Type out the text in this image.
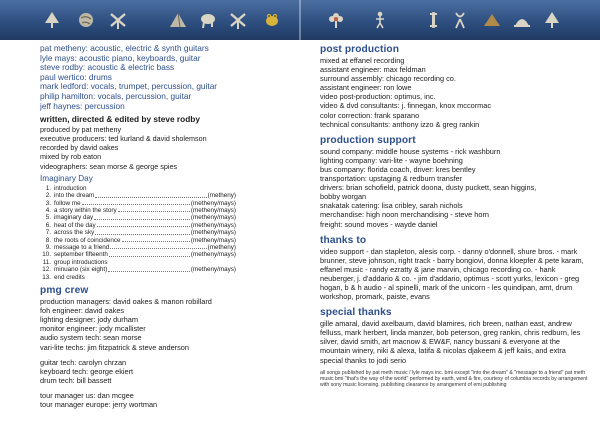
pat metheny: acoustic, electric & synth guitars
lyle mays: acoustic piano, keyboards, guitar
steve rodby: acoustic & electric bass
paul wertico: drums
mark ledford: vocals, trumpet, percussion, guitar
philip hamilton: vocals, percussion, guitar
jeff haynes: percussion
written, directed & edited by steve rodby
produced by pat metheny
executive producers: ted kurland & david sholemson
recorded by david oakes
mixed by rob eaton
videographers: sean morse & george spies
Imaginary Day
1. introduction
2. into the dream	(metheny)
3. follow me	(metheny/mays)
4. a story within the story	(metheny/mays)
5. imaginary day	(metheny/mays)
6. heat of the day	(metheny/mays)
7. across the sky	(metheny/mays)
8. the roots of coincidence	(metheny/mays)
9. message to a friend	(metheny)
10. september fifteenth	(metheny/mays)
11. group introductions
12. minuano (six eight)	(metheny/mays)
13. end credits
pmg crew
production managers: david oakes & manon robillard
foh engineer: david oakes
lighting designer: jody durham
monitor engineer: jody mcallister
audio system tech: sean morse
vari-lite techs: jim fitzpatrick & steve anderson
guitar tech: carolyn chrzan
keyboard tech: george ekiert
drum tech: bill bassett
tour manager us: dan mcgee
tour manager europe: jerry wortman
post production
mixed at effanel recording
assistant engineer: max feldman
surround assembly: chicago recording co.
assistant engineer: ron lowe
video post-production: optimus, inc.
video & dvd consultants: j. finnegan, knox mccormac
color correction: frank sparano
technical consultants: anthony izzo & greg rankin
production support
sound company: middle house systems - rick washburn
lighting company: vari-lite - wayne boehning
bus company: florida coach, driver: kres bentley
transportation: upstaging & redburn transfer
drivers: brian schofield, patrick doona, dusty puckett, sean higgins,
bobby worgan
snakatak catering: lisa cribley, sarah nichols
merchandise: high noon merchandising - steve horn
freight: sound moves - wayde daniel
thanks to
video support - dan stapleton, alesis corp. - danny o'donnell, shure bros. - mark brunner, steve johnson, right track - barry bongiovi, donna kloepfer & pete karam, effanel music - randy ezratty & jane marvin, chicago recording co. - hank neuberger, j. d'addario & co. - jim d'addario, optimus - scott yurks, lexicon - greg hogan, b & h audio - al spinelli, mark of the unicorn - les quindipan, amt, drum workshop, promark, paiste, evans
special thanks
gille amaral, david axelbaum, david blamires, rich breen, nathan east, andrew felluss, mark herbert, linda manzer, bob peterson, greg rankin, chris redburn, les silver, david smith, art macnow & EW&F, nancy bussani & everyone at the mountain winery, niki & alexa, latifa & nicolas djakeem & jeff kaiis, and extra special thanks to jodi serio
all songs published by pat meth music / lyle mays inc. bmi except "into the dream" & "message to a friend" pat meth music bmi "that's the way of the world" performed by earth, wind & fire, courtesy of columbia records by arrangement with sony music licensing. publishing clearance by arrangement of emi publishing
